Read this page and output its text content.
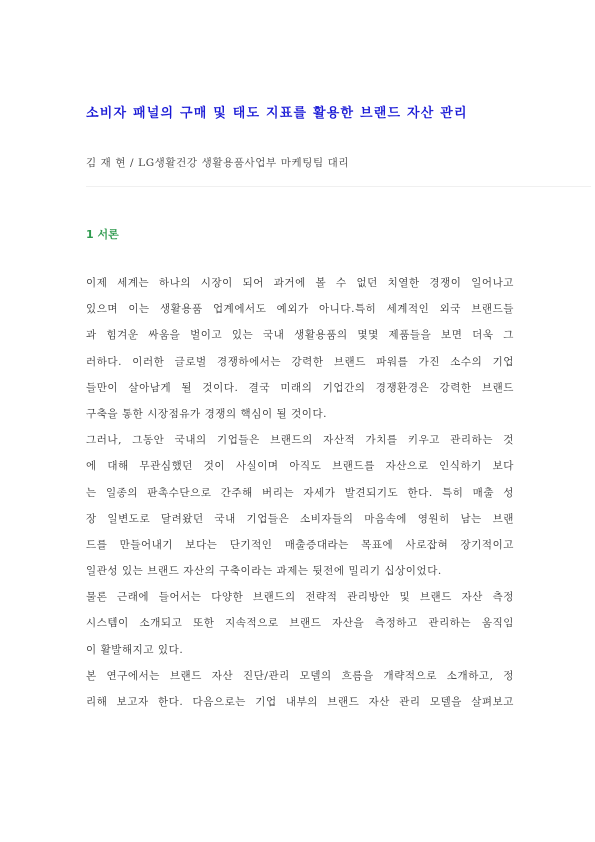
소비자 패널의 구매 및 태도 지표를 활용한 브랜드 자산 관리

김 재 현 / LG생활건강 생활용품사업부 마케팅팀 대리

1 서론
이제 세계는 하나의 시장이 되어 과거에 볼 수 없던 치열한 경쟁이 일어나고
있으며 이는 생활용품 업계에서도 예외가 아니다.특히 세계적인 외국 브랜드들
과 힘겨운 싸움을 벌이고 있는 국내 생활용품의 몇몇 제품들을 보면 더욱 그
러하다. 이러한 글로벌 경쟁하에서는 강력한 브랜드 파워를 가진 소수의 기업
들만이 살아남게 될 것이다. 결국 미래의 기업간의 경쟁환경은 강력한 브랜드
구축을 통한 시장점유가 경쟁의 핵심이 될 것이다.
그러나, 그동안 국내의 기업들은 브랜드의 자산적 가치를 키우고 관리하는 것
에 대해 무관심했던 것이 사실이며 아직도 브랜드를 자산으로 인식하기 보다
는 일종의 판촉수단으로 간주해 버리는 자세가 발견되기도 한다. 특히 매출 성
장 일변도로 달려왔던 국내 기업들은 소비자들의 마음속에 영원히 남는 브랜
드를 만들어내기 보다는 단기적인 매출증대라는 목표에 사로잡혀 장기적이고
일관성 있는 브랜드 자산의 구축이라는 과제는 뒷전에 밀리기 십상이었다.
물론 근래에 들어서는 다양한 브랜드의 전략적 관리방안 및 브랜드 자산 측정
시스템이 소개되고 또한 지속적으로 브랜드 자산을 측정하고 관리하는 움직임
이 활발해지고 있다.
본 연구에서는 브랜드 자산 진단/관리 모델의 흐름을 개략적으로 소개하고, 정
리해 보고자 한다. 다음으로는 기업 내부의 브랜드 자산 관리 모델을 살펴보고
